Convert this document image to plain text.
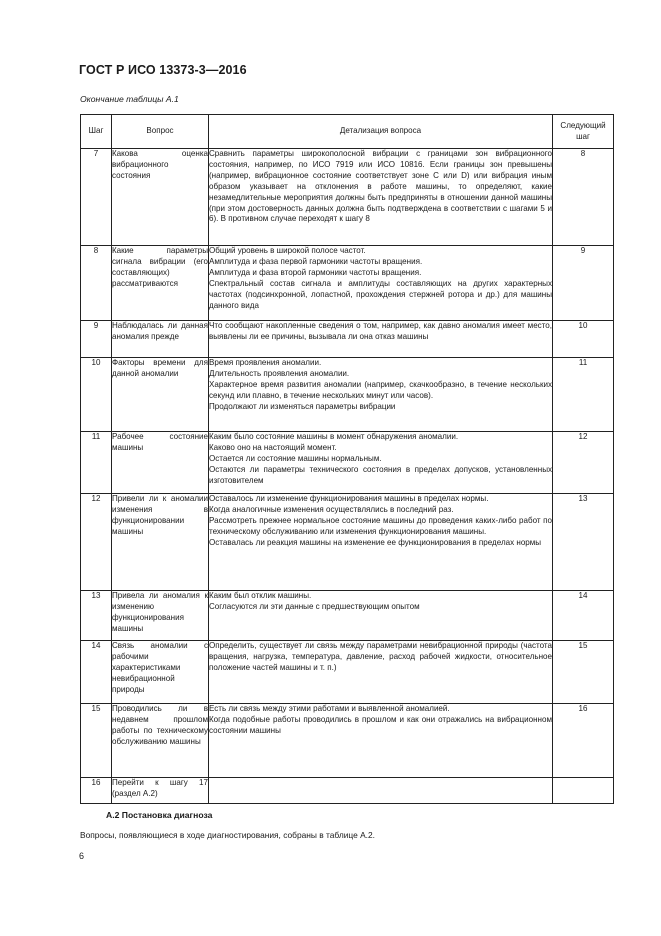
ГОСТ Р ИСО 13373-3—2016
Окончание таблицы А.1
Шаг	Вопрос	Детализация вопроса	Следующий шаг
7	Какова оценка вибрационного состояния	Сравнить параметры широкополосной вибрации с границами зон вибрационного состояния, например, по ИСО 7919 или ИСО 10816. Если границы зон превышены (например, вибрационное состояние соответствует зоне С или D) или вибрация иным образом указывает на отклонения в работе машины, то определяют, какие незамедлительные мероприятия должны быть предприняты в отношении данной машины (при этом достоверность данных должна быть подтверждена в соответствии с шагами 5 и 6). В противном случае переходят к шагу 8	8
8	Какие параметры сигнала вибрации (его составляющих) рассматриваются	Общий уровень в широкой полосе частот.
Амплитуда и фаза первой гармоники частоты вращения.
Амплитуда и фаза второй гармоники частоты вращения.
Спектральный состав сигнала и амплитуды составляющих на других характерных частотах (подсинхронной, лопастной, прохождения стержней ротора и др.) для машины данного вида	9
9	Наблюдалась ли данная аномалия прежде	Что сообщают накопленные сведения о том, например, как давно аномалия имеет место, выявлены ли ее причины, вызывала ли она отказ машины	10
10	Факторы времени для данной аномалии	Время проявления аномалии.
Длительность проявления аномалии.
Характерное время развития аномалии (например, скачкообразно, в течение нескольких секунд или плавно, в течение нескольких минут или часов).
Продолжают ли изменяться параметры вибрации	11
11	Рабочее состояние машины	Каким было состояние машины в момент обнаружения аномалии.
Каково оно на настоящий момент.
Остается ли состояние машины нормальным.
Остаются ли параметры технического состояния в пределах допусков, установленных изготовителем	12
12	Привели ли к аномалии изменения в функционировании машины	Оставалось ли изменение функционирования машины в пределах нормы.
Когда аналогичные изменения осуществлялись в последний раз.
Рассмотреть прежнее нормальное состояние машины до проведения каких-либо работ по техническому обслуживанию или изменения функционирования машины.
Оставалась ли реакция машины на изменение ее функционирования в пределах нормы	13
13	Привела ли аномалия к изменению функционирования машины	Каким был отклик машины.
Согласуются ли эти данные с предшествующим опытом	14
14	Связь аномалии с рабочими характеристиками невибрационной природы	Определить, существует ли связь между параметрами невибрационной природы (частота вращения, нагрузка, температура, давление, расход рабочей жидкости, относительное положение частей машины и т. п.)	15
15	Проводились ли в недавнем прошлом работы по техническому обслуживанию машины	Есть ли связь между этими работами и выявленной аномалией.
Когда подобные работы проводились в прошлом и как они отражались на вибрационном состоянии машины	16
16	Перейти к шагу 17 (раздел А.2)		
А.2 Постановка диагноза
Вопросы, появляющиеся в ходе диагностирования, собраны в таблице А.2.
6
